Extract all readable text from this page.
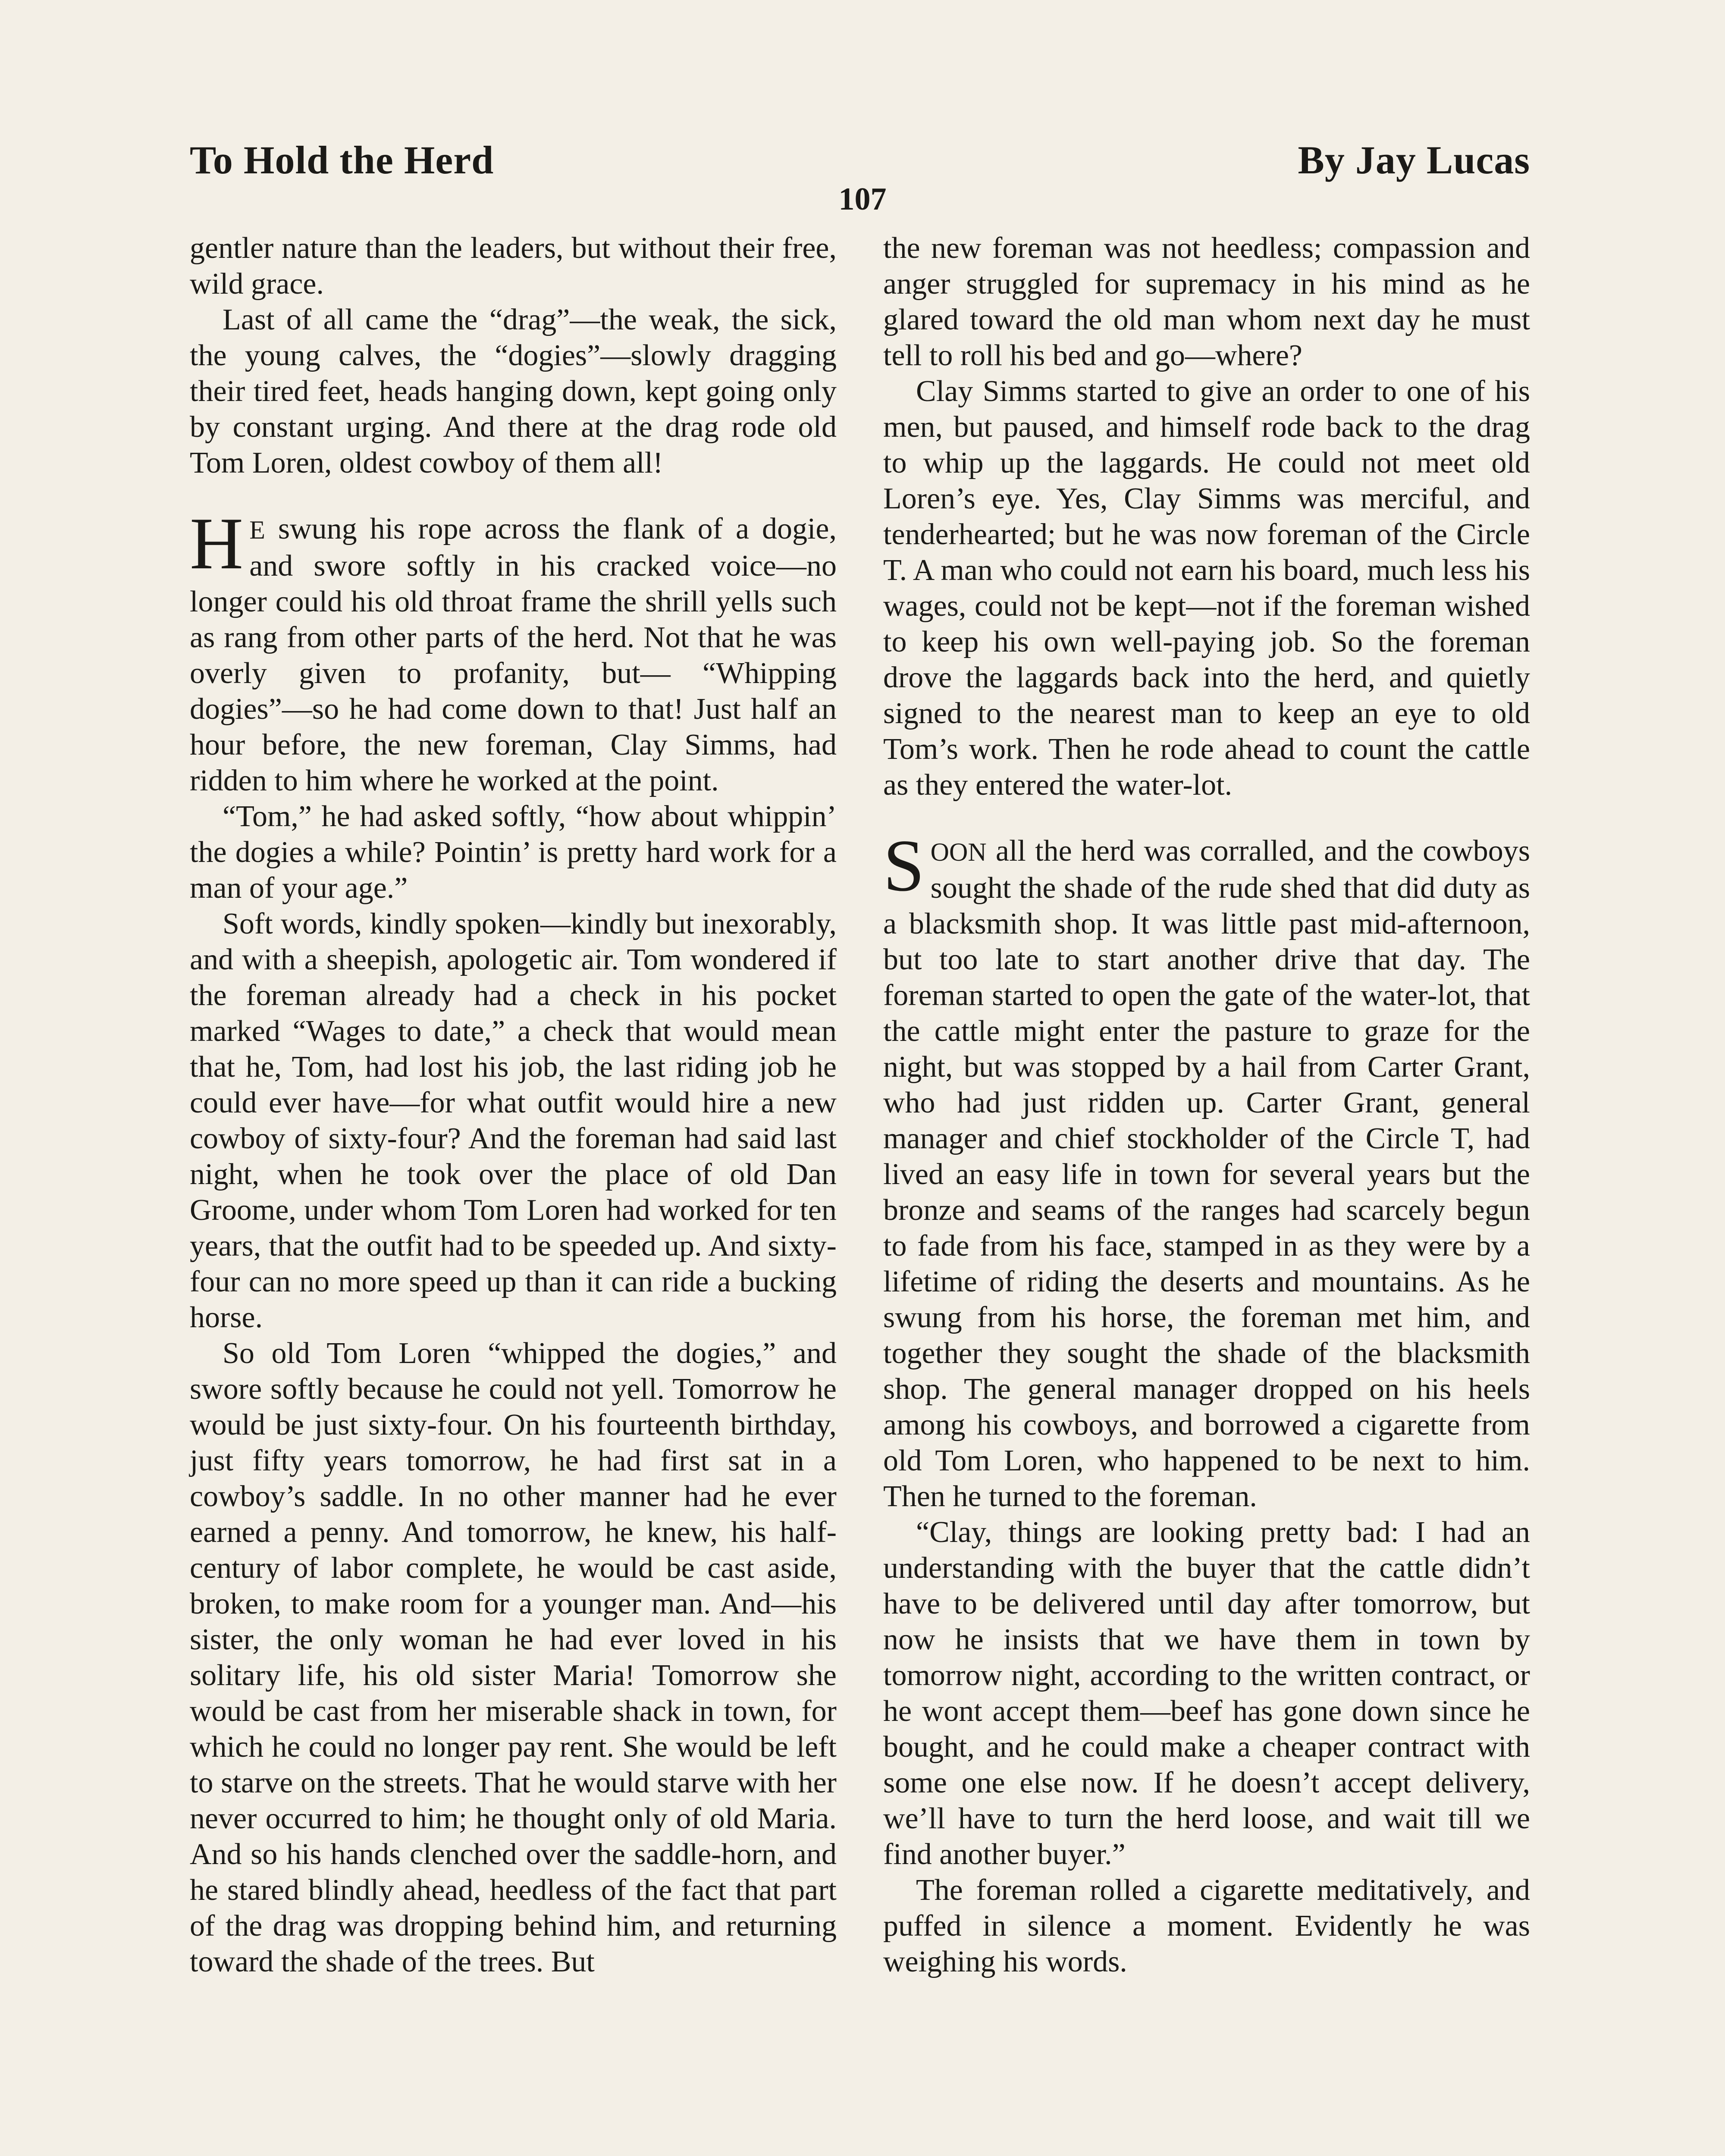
To Hold the Herd	By Jay Lucas
107

gentler nature than the leaders, but without their free, wild grace.

Last of all came the “drag”—the weak, the sick, the young calves, the “dogies”—slowly dragging their tired feet, heads hanging down, kept going only by constant urging. And there at the drag rode old Tom Loren, oldest cowboy of them all!

H E swung his rope across the flank of a dogie, and swore softly in his cracked voice—no longer could his old throat frame the shrill yells such as rang from other parts of the herd. Not that he was overly given to profanity, but— “Whipping dogies”—so he had come down to that! Just half an hour before, the new foreman, Clay Simms, had ridden to him where he worked at the point.

“Tom,” he had asked softly, “how about whippin’ the dogies a while? Pointin’ is pretty hard work for a man of your age.”

Soft words, kindly spoken—kindly but inexorably, and with a sheepish, apologetic air. Tom wondered if the foreman already had a check in his pocket marked “Wages to date,” a check that would mean that he, Tom, had lost his job, the last riding job he could ever have—for what outfit would hire a new cowboy of sixty-four? And the foreman had said last night, when he took over the place of old Dan Groome, under whom Tom Loren had worked for ten years, that the outfit had to be speeded up. And sixty-four can no more speed up than it can ride a bucking horse.

So old Tom Loren “whipped the dogies,” and swore softly because he could not yell. Tomorrow he would be just sixty-four. On his fourteenth birthday, just fifty years tomorrow, he had first sat in a cowboy’s saddle. In no other manner had he ever earned a penny. And tomorrow, he knew, his half-century of labor complete, he would be cast aside, broken, to make room for a younger man. And—his sister, the only woman he had ever loved in his solitary life, his old sister Maria! Tomorrow she would be cast from her miserable shack in town, for which he could no longer pay rent. She would be left to starve on the streets. That he would starve with her never occurred to him; he thought only of old Maria. And so his hands clenched over the saddle-horn, and he stared blindly ahead, heedless of the fact that part of the drag was dropping behind him, and returning toward the shade of the trees. But

the new foreman was not heedless; compassion and anger struggled for supremacy in his mind as he glared toward the old man whom next day he must tell to roll his bed and go—where?

Clay Simms started to give an order to one of his men, but paused, and himself rode back to the drag to whip up the laggards. He could not meet old Loren’s eye. Yes, Clay Simms was merciful, and tenderhearted; but he was now foreman of the Circle T. A man who could not earn his board, much less his wages, could not be kept—not if the foreman wished to keep his own well-paying job. So the foreman drove the laggards back into the herd, and quietly signed to the nearest man to keep an eye to old Tom’s work. Then he rode ahead to count the cattle as they entered the water-lot.

SOON all the herd was corralled, and the cowboys sought the shade of the rude shed that did duty as a blacksmith shop. It was little past mid-afternoon, but too late to start another drive that day. The foreman started to open the gate of the water-lot, that the cattle might enter the pasture to graze for the night, but was stopped by a hail from Carter Grant, who had just ridden up. Carter Grant, general manager and chief stockholder of the Circle T, had lived an easy life in town for several years but the bronze and seams of the ranges had scarcely begun to fade from his face, stamped in as they were by a lifetime of riding the deserts and mountains. As he swung from his horse, the foreman met him, and together they sought the shade of the blacksmith shop. The general manager dropped on his heels among his cowboys, and borrowed a cigarette from old Tom Loren, who happened to be next to him. Then he turned to the foreman.

“Clay, things are looking pretty bad: I had an understanding with the buyer that the cattle didn’t have to be delivered until day after tomorrow, but now he insists that we have them in town by tomorrow night, according to the written contract, or he wont accept them—beef has gone down since he bought, and he could make a cheaper contract with some one else now. If he doesn’t accept delivery, we’ll have to turn the herd loose, and wait till we find another buyer.”

The foreman rolled a cigarette meditatively, and puffed in silence a moment. Evidently he was weighing his words.
